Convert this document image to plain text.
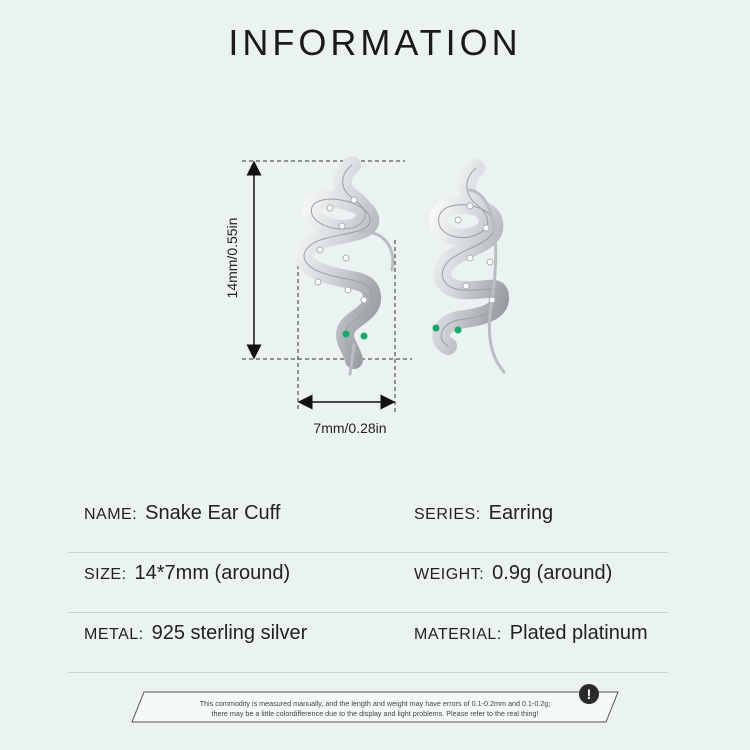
INFORMATION
14mm/0.55in
7mm/0.28in
NAME: Snake Ear Cuff	SERIES: Earring
SIZE: 14*7mm (around)	WEIGHT: 0.9g (around)
METAL: 925 sterling silver	MATERIAL: Plated platinum
This commodity is measured manually, and the length and weight may have errors of 0.1-0.2mm and 0.1-0.2g;
there may be a little colordifference due to the display and light problems. Please refer to the real thing!
!
